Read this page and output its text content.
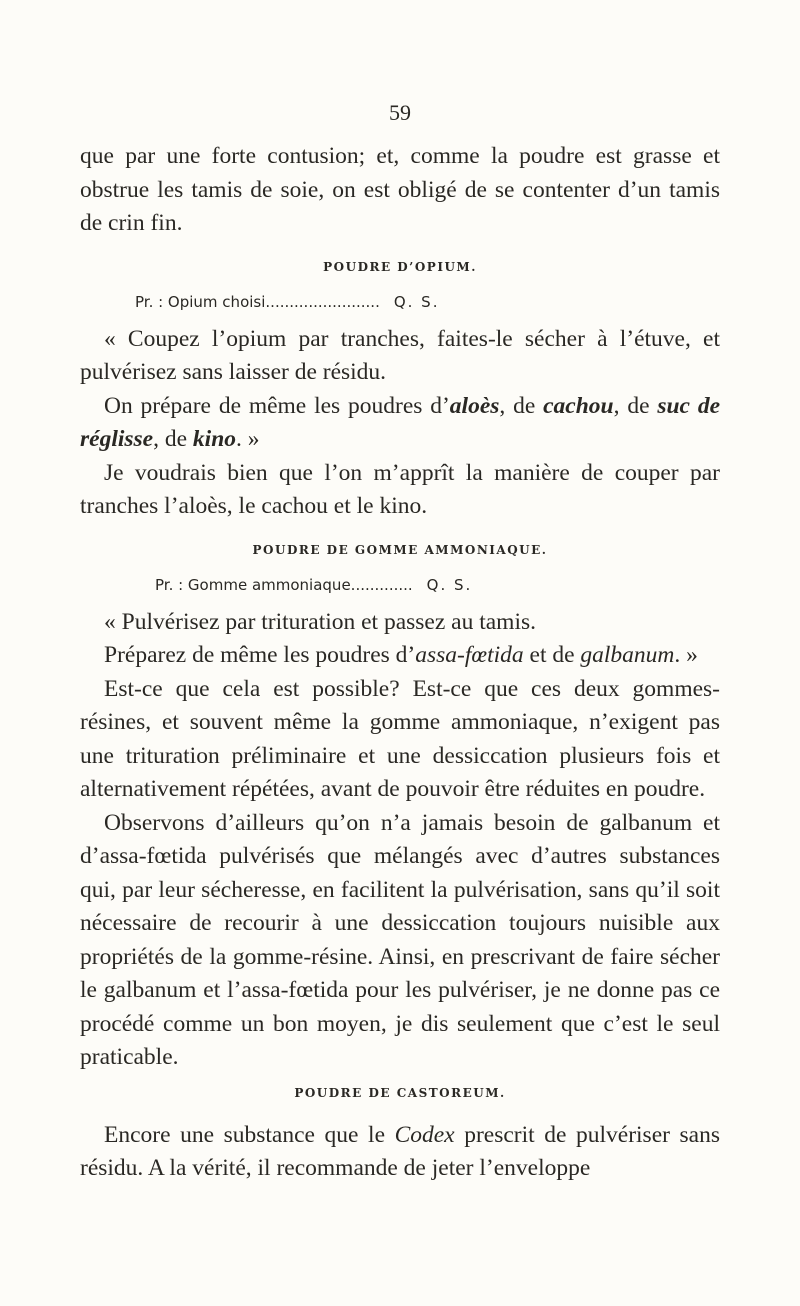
59

que par une forte contusion; et, comme la poudre est grasse et obstrue les tamis de soie, on est obligé de se contenter d’un tamis de crin fin.

POUDRE D’OPIUM.
Pr. : Opium choisi ........................ Q. S.

« Coupez l’opium par tranches, faites-le sécher à l’étuve, et pulvérisez sans laisser de résidu.

On prépare de même les poudres d’aloès, de cachou, de suc de réglisse, de kino. »

Je voudrais bien que l’on m’apprît la manière de couper par tranches l’aloès, le cachou et le kino.

POUDRE DE GOMME AMMONIAQUE.
Pr. : Gomme ammoniaque ............. Q. S.

« Pulvérisez par trituration et passez au tamis.

Préparez de même les poudres d’assa-fœtida et de galbanum. »

Est-ce que cela est possible? Est-ce que ces deux gommes-résines, et souvent même la gomme ammoniaque, n’exigent pas une trituration préliminaire et une dessiccation plusieurs fois et alternativement répétées, avant de pouvoir être réduites en poudre.

Observons d’ailleurs qu’on n’a jamais besoin de galbanum et d’assa-fœtida pulvérisés que mélangés avec d’autres substances qui, par leur sécheresse, en facilitent la pulvérisation, sans qu’il soit nécessaire de recourir à une dessiccation toujours nuisible aux propriétés de la gomme-résine. Ainsi, en prescrivant de faire sécher le galbanum et l’assa-fœtida pour les pulvériser, je ne donne pas ce procédé comme un bon moyen, je dis seulement que c’est le seul praticable.

POUDRE DE CASTOREUM.

Encore une substance que le Codex prescrit de pulvériser sans résidu. A la vérité, il recommande de jeter l’enveloppe
